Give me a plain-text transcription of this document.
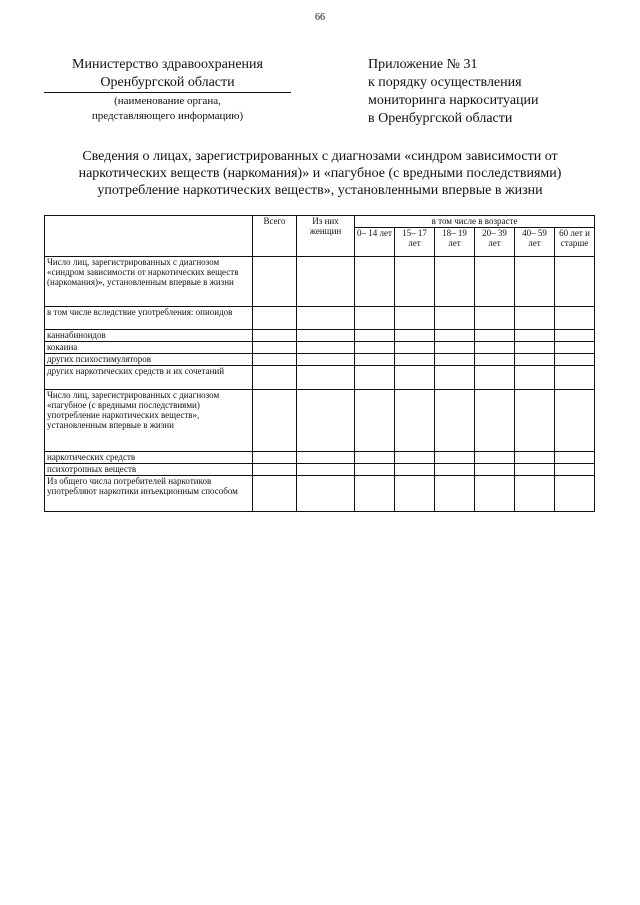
66
Министерство здравоохранения
Оренбургской области
(наименование органа,
представляющего информацию)
Приложение № 31
к порядку осуществления
мониторинга наркоситуации
в Оренбургской области
Сведения о лицах, зарегистрированных с диагнозами «синдром зависимости от
наркотических веществ (наркомания)» и «пагубное (с вредными последствиями)
употребление наркотических веществ», установленными впервые в жизни
	Всего	Из них женщин	в том числе в возрасте					
			0– 14 лет	15– 17 лет	18– 19 лет	20– 39 лет	40– 59 лет	60 лет и старше
Число лиц, зарегистрированных с диагнозом «синдром зависимости от наркотических веществ (наркомания)», установленным впервые в жизни								
в том числе вследствие употребления: опиоидов								
каннабиноидов								
кокаина								
других психостимуляторов								
других наркотических средств и их сочетаний								
Число лиц, зарегистрированных с диагнозом «пагубное (с вредными последствиями) употребление наркотических веществ», установленным впервые в жизни								
наркотических средств								
психотропных веществ								
Из общего числа потребителей наркотиков употребляют наркотики инъекционным способом								
